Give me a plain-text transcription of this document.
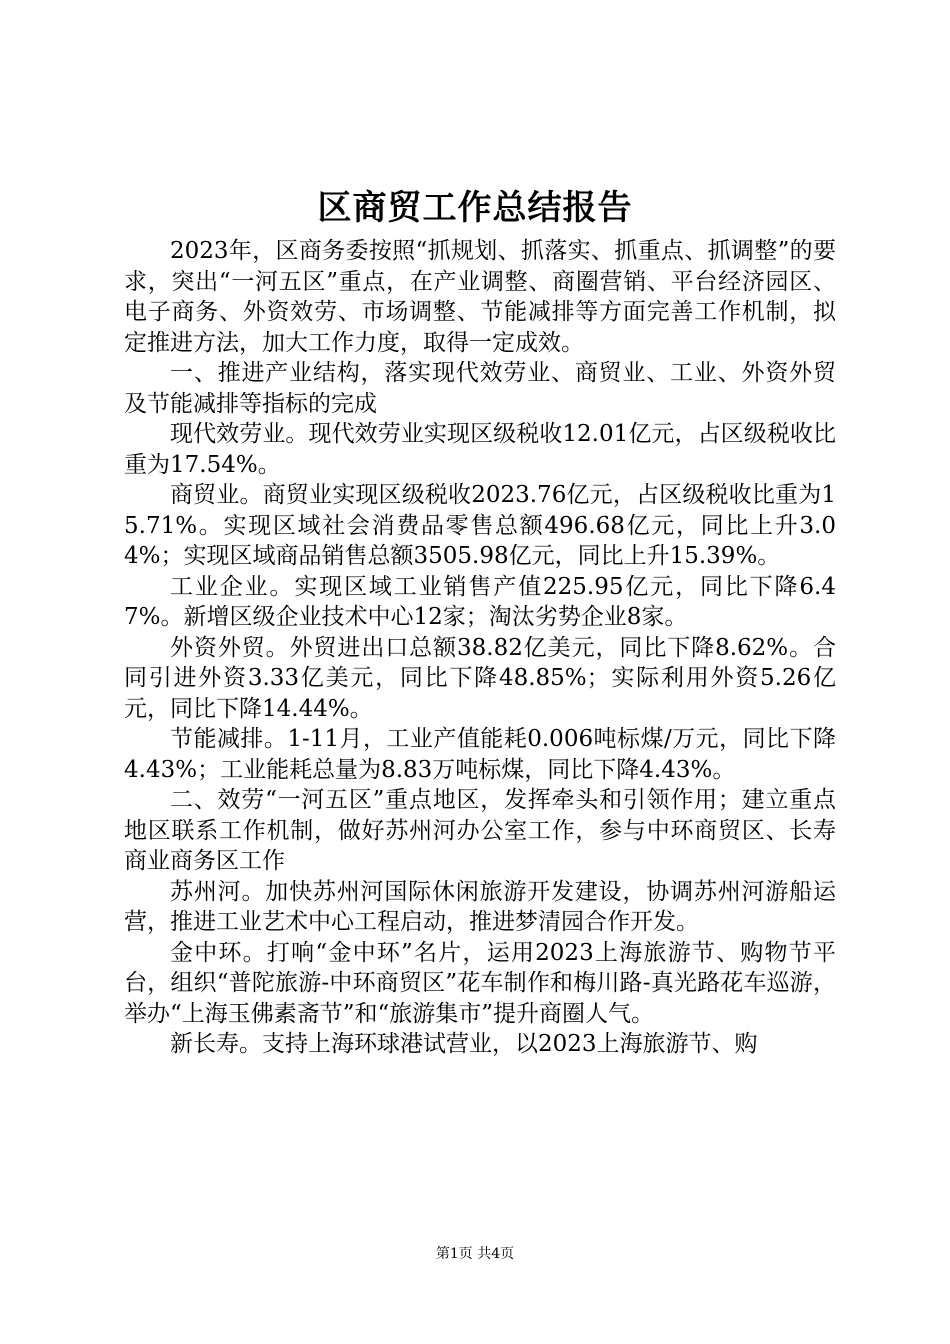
区商贸工作总结报告

2023年，区商务委按照“抓规划、抓落实、抓重点、抓调整”的要求，突出“一河五区”重点，在产业调整、商圈营销、平台经济园区、电子商务、外资效劳、市场调整、节能减排等方面完善工作机制，拟定推进方法，加大工作力度，取得一定成效。

一、推进产业结构，落实现代效劳业、商贸业、工业、外资外贸及节能减排等指标的完成

现代效劳业。现代效劳业实现区级税收12.01亿元，占区级税收比重为17.54%。

商贸业。商贸业实现区级税收2023.76亿元，占区级税收比重为15.71%。实现区域社会消费品零售总额496.68亿元，同比上升3.04%；实现区域商品销售总额3505.98亿元，同比上升15.39%。

工业企业。实现区域工业销售产值225.95亿元，同比下降6.47%。新增区级企业技术中心12家；淘汰劣势企业8家。

外资外贸。外贸进出口总额38.82亿美元，同比下降8.62%。合同引进外资3.33亿美元，同比下降48.85%；实际利用外资5.26亿元，同比下降14.44%。

节能减排。1-11月，工业产值能耗0.006吨标煤/万元，同比下降4.43%；工业能耗总量为8.83万吨标煤，同比下降4.43%。

二、效劳“一河五区”重点地区，发挥牵头和引领作用；建立重点地区联系工作机制，做好苏州河办公室工作，参与中环商贸区、长寿商业商务区工作

苏州河。加快苏州河国际休闲旅游开发建设，协调苏州河游船运营，推进工业艺术中心工程启动，推进梦清园合作开发。

金中环。打响“金中环”名片，运用2023上海旅游节、购物节平台，组织“普陀旅游-中环商贸区”花车制作和梅川路-真光路花车巡游，举办“上海玉佛素斋节”和“旅游集市”提升商圈人气。

新长寿。支持上海环球港试营业，以2023上海旅游节、购

第1页 共4页
